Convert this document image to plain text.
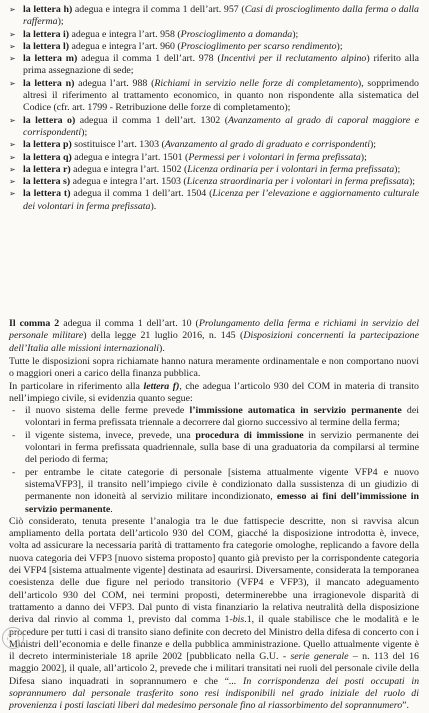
➢ la lettera h) adegua e integra il comma 1 dell’art. 957 (Casi di proscioglimento dalla ferma o dalla rafferma);
➢ la lettera i) adegua e integra l’art. 958 (Proscioglimento a domanda);
➢ la lettera l) adegua e integra l’art. 960 (Proscioglimento per scarso rendimento);
➢ la lettera m) adegua il comma 1 dell’art. 978 (Incentivi per il reclutamento alpino) riferito alla prima assegnazione di sede;
➢ la lettera n) adegua l’art. 988 (Richiami in servizio nelle forze di completamento), sopprimendo altresì il riferimento al trattamento economico, in quanto non rispondente alla sistematica del Codice (cfr. art. 1799 - Retribuzione delle forze di completamento);
➢ la lettera o) adegua il comma 1 dell’art. 1302 (Avanzamento al grado di caporal maggiore e corrispondenti);
➢ la lettera p) sostituisce l’art. 1303 (Avanzamento al grado di graduato e corrispondenti);
➢ la lettera q) adegua e integra l’art. 1501 (Permessi per i volontari in ferma prefissata);
➢ la lettera r) adegua e integra l’art. 1502 (Licenza ordinaria per i volontari in ferma prefissata);
➢ la lettera s) adegua e integra l’art. 1503 (Licenza straordinaria per i volontari in ferma prefissata);
➢ la lettera t) adegua il comma 1 dell’art. 1504 (Licenza per l’elevazione e aggiornamento culturale dei volontari in ferma prefissata).
Il comma 2 adegua il comma 1 dell’art. 10 (Prolungamento della ferma e richiami in servizio del personale militare) della legge 21 luglio 2016, n. 145 (Disposizioni concernenti la partecipazione dell’Italia alle missioni internazionali).
Tutte le disposizioni sopra richiamate hanno natura meramente ordinamentale e non comportano nuovi o maggiori oneri a carico della finanza pubblica.
In particolare in riferimento alla lettera f), che adegua l’articolo 930 del COM in materia di transito nell’impiego civile, si evidenzia quanto segue:
- il nuovo sistema delle ferme prevede l’immissione automatica in servizio permanente dei volontari in ferma prefissata triennale a decorrere dal giorno successivo al termine della ferma;
- il vigente sistema, invece, prevede, una procedura di immissione in servizio permanente dei volontari in ferma prefissata quadriennale, sulla base di una graduatoria da compilarsi al termine del periodo di ferma;
- per entrambe le citate categorie di personale [sistema attualmente vigente VFP4 e nuovo sistemaVFP3], il transito nell’impiego civile è condizionato dalla sussistenza di un giudizio di permanente non idoneità al servizio militare incondizionato, emesso ai fini dell’immissione in servizio permanente.
Ciò considerato, tenuta presente l’analogia tra le due fattispecie descritte, non si ravvisa alcun ampliamento della portata dell’articolo 930 del COM, giacché la disposizione introdotta è, invece, volta ad assicurare la necessaria parità di trattamento fra categorie omologhe, replicando a favore della nuova categoria dei VFP3 [nuovo sistema proposto] quanto già previsto per la corrispondente categoria dei VFP4 [sistema attualmente vigente] destinata ad esaurirsi. Diversamente, considerata la temporanea coesistenza delle due figure nel periodo transitorio (VFP4 e VFP3), il mancato adeguamento dell’articolo 930 del COM, nei termini proposti, determinerebbe una irragionevole disparità di trattamento a danno dei VFP3. Dal punto di vista finanziario la relativa neutralità della disposizione deriva dal rinvio al comma 1, previsto dal comma 1-bis.1, il quale stabilisce che le modalità e le procedure per tutti i casi di transito siano definite con decreto del Ministro della difesa di concerto con i Ministri dell’economia e delle finanze e della pubblica amministrazione. Quello attualmente vigente è il decreto interministeriale 18 aprile 2002 [pubblicato nella G.U. - serie generale – n. 113 del 16 maggio 2002], il quale, all’articolo 2, prevede che i militari transitati nei ruoli del personale civile della Difesa siano inquadrati in soprannumero e che “... In corrispondenza dei posti occupati in soprannumero dal personale trasferito sono resi indisponibili nel grado iniziale del ruolo di provenienza i posti lasciati liberi dal medesimo personale fino al riassorbimento del soprannumero”.
